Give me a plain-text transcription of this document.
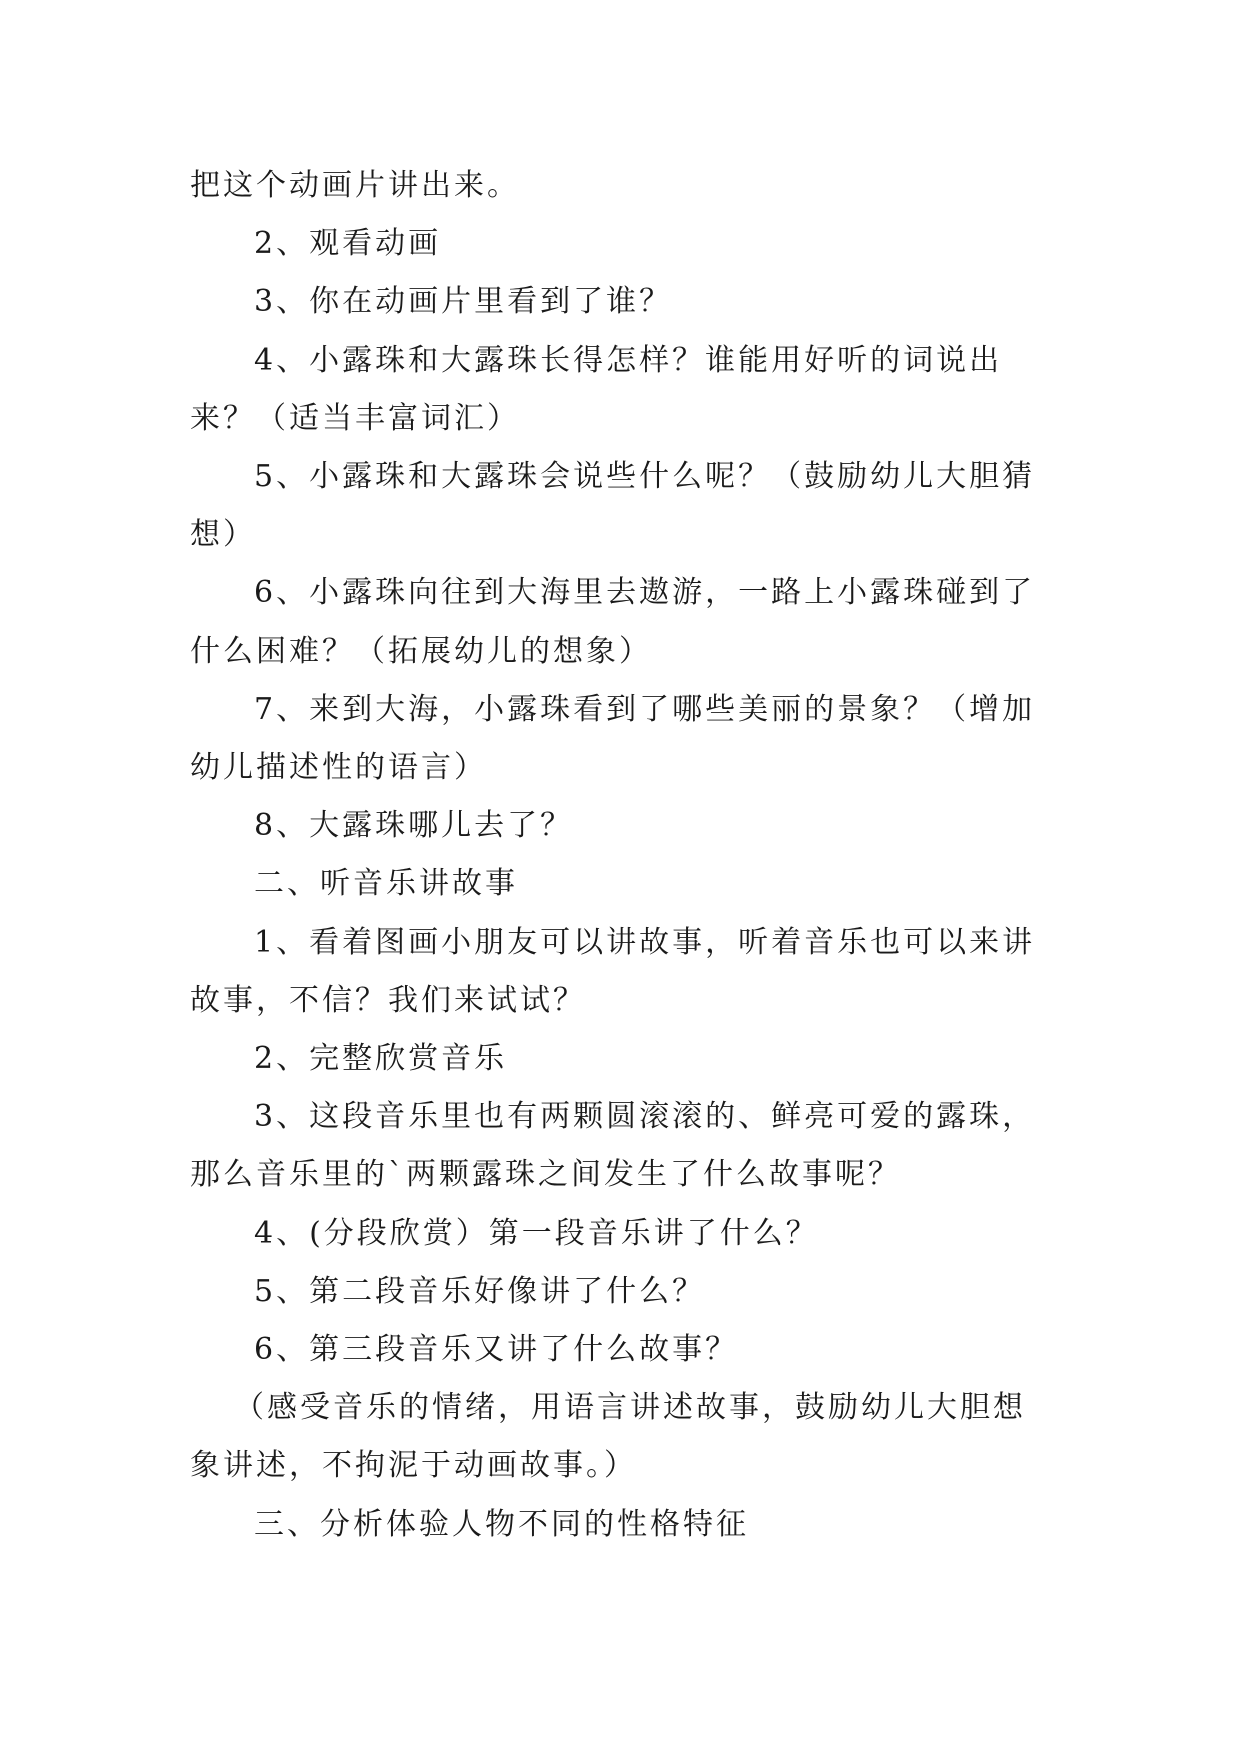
把这个动画片讲出来。

2、观看动画

3、你在动画片里看到了谁？

4、小露珠和大露珠长得怎样？谁能用好听的词说出来？（适当丰富词汇）

5、小露珠和大露珠会说些什么呢？（鼓励幼儿大胆猜想）

6、小露珠向往到大海里去遨游，一路上小露珠碰到了什么困难？（拓展幼儿的想象）

7、来到大海，小露珠看到了哪些美丽的景象？（增加幼儿描述性的语言）

8、大露珠哪儿去了？

二、听音乐讲故事

1、看着图画小朋友可以讲故事，听着音乐也可以来讲故事，不信？我们来试试？

2、完整欣赏音乐

3、这段音乐里也有两颗圆滚滚的、鲜亮可爱的露珠，那么音乐里的`两颗露珠之间发生了什么故事呢？

4、(分段欣赏）第一段音乐讲了什么？

5、第二段音乐好像讲了什么？

6、第三段音乐又讲了什么故事？

（感受音乐的情绪，用语言讲述故事，鼓励幼儿大胆想象讲述，不拘泥于动画故事。）

三、分析体验人物不同的性格特征
